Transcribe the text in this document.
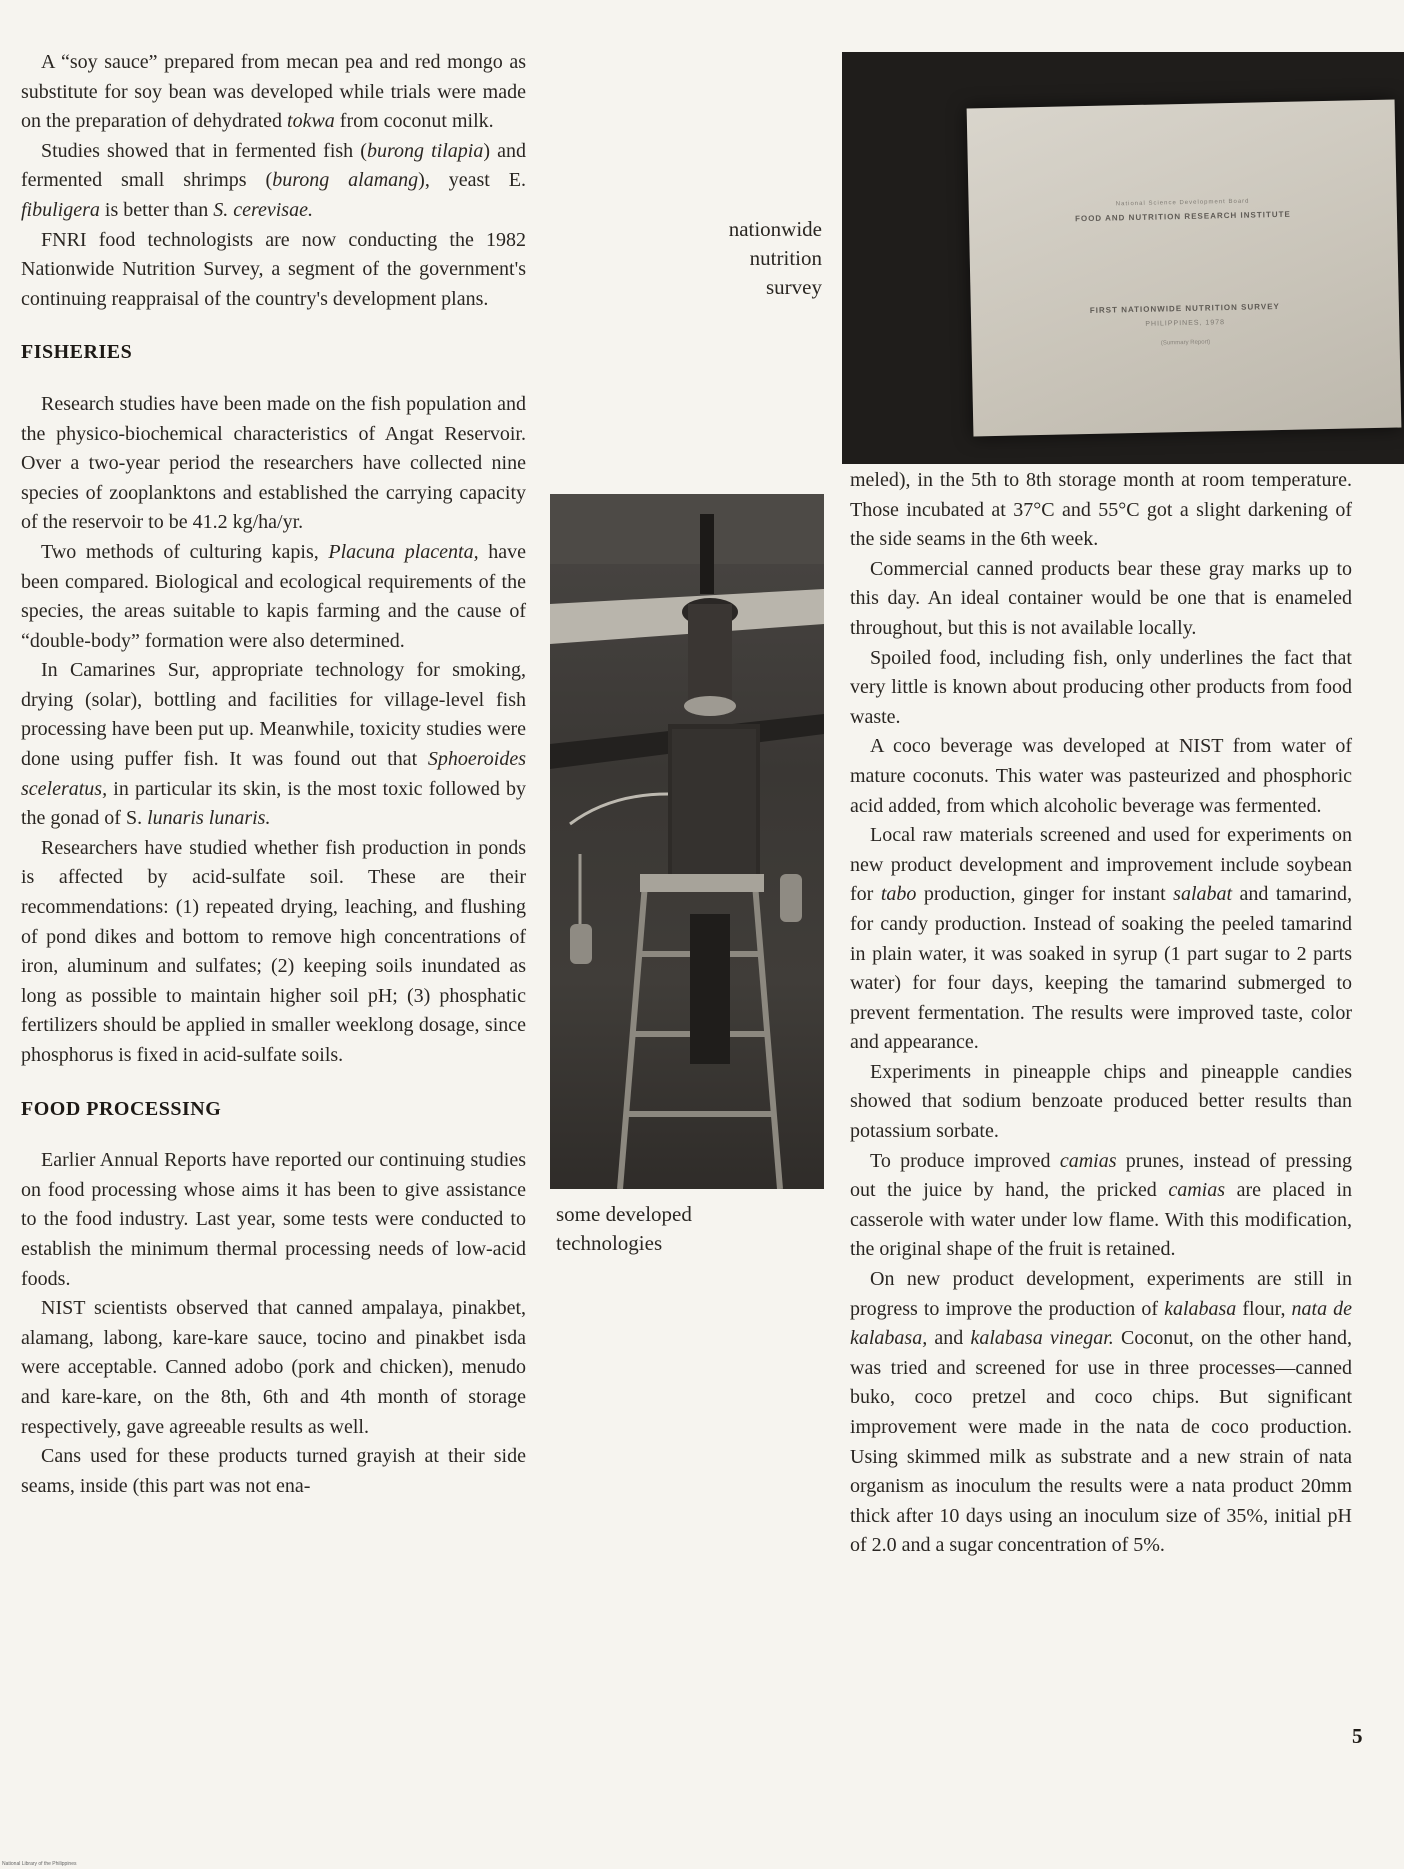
A “soy sauce” prepared from mecan pea and red mongo as substitute for soy bean was developed while trials were made on the preparation of dehydrated tokwa from coconut milk.

Studies showed that in fermented fish (burong tilapia) and fermented small shrimps (burong alamang), yeast E. fibuligera is better than S. cerevisae.

FNRI food technologists are now conducting the 1982 Nationwide Nutrition Survey, a segment of the government's continuing reappraisal of the country's development plans.

FISHERIES

Research studies have been made on the fish population and the physico-biochemical characteristics of Angat Reservoir. Over a two-year period the researchers have collected nine species of zooplanktons and established the carrying capacity of the reservoir to be 41.2 kg/ha/yr.

Two methods of culturing kapis, Placuna placenta, have been compared. Biological and ecological requirements of the species, the areas suitable to kapis farming and the cause of “double-body” formation were also determined.

In Camarines Sur, appropriate technology for smoking, drying (solar), bottling and facilities for village-level fish processing have been put up. Meanwhile, toxicity studies were done using puffer fish. It was found out that Sphoeroides sceleratus, in particular its skin, is the most toxic followed by the gonad of S. lunaris lunaris.

Researchers have studied whether fish production in ponds is affected by acid-sulfate soil. These are their recommendations: (1) repeated drying, leaching, and flushing of pond dikes and bottom to remove high concentrations of iron, aluminum and sulfates; (2) keeping soils inundated as long as possible to maintain higher soil pH; (3) phosphatic fertilizers should be applied in smaller weeklong dosage, since phosphorus is fixed in acid-sulfate soils.

FOOD PROCESSING

Earlier Annual Reports have reported our continuing studies on food processing whose aims it has been to give assistance to the food industry. Last year, some tests were conducted to establish the minimum thermal processing needs of low-acid foods.

NIST scientists observed that canned ampalaya, pinakbet, alamang, labong, kare-kare sauce, tocino and pinakbet isda were acceptable. Canned adobo (pork and chicken), menudo and kare-kare, on the 8th, 6th and 4th month of storage respectively, gave agreeable results as well.

Cans used for these products turned grayish at their side seams, inside (this part was not ena-

nationwide nutrition survey
some developed technologies
National Science Development Board
FOOD AND NUTRITION RESEARCH INSTITUTE
FIRST NATIONWIDE NUTRITION SURVEY
PHILIPPINES, 1978
(Summary Report)

meled), in the 5th to 8th storage month at room temperature. Those incubated at 37°C and 55°C got a slight darkening of the side seams in the 6th week.

Commercial canned products bear these gray marks up to this day. An ideal container would be one that is enameled throughout, but this is not available locally.

Spoiled food, including fish, only underlines the fact that very little is known about producing other products from food waste.

A coco beverage was developed at NIST from water of mature coconuts. This water was pasteurized and phosphoric acid added, from which alcoholic beverage was fermented.

Local raw materials screened and used for experiments on new product development and improvement include soybean for tabo production, ginger for instant salabat and tamarind, for candy production. Instead of soaking the peeled tamarind in plain water, it was soaked in syrup (1 part sugar to 2 parts water) for four days, keeping the tamarind submerged to prevent fermentation. The results were improved taste, color and appearance.

Experiments in pineapple chips and pineapple candies showed that sodium benzoate produced better results than potassium sorbate.

To produce improved camias prunes, instead of pressing out the juice by hand, the pricked camias are placed in casserole with water under low flame. With this modification, the original shape of the fruit is retained.

On new product development, experiments are still in progress to improve the production of kalabasa flour, nata de kalabasa, and kalabasa vinegar. Coconut, on the other hand, was tried and screened for use in three processes—canned buko, coco pretzel and coco chips. But significant improvement were made in the nata de coco production. Using skimmed milk as substrate and a new strain of nata organism as inoculum the results were a nata product 20mm thick after 10 days using an inoculum size of 35%, initial pH of 2.0 and a sugar concentration of 5%.

5
National Library of the Philippines
